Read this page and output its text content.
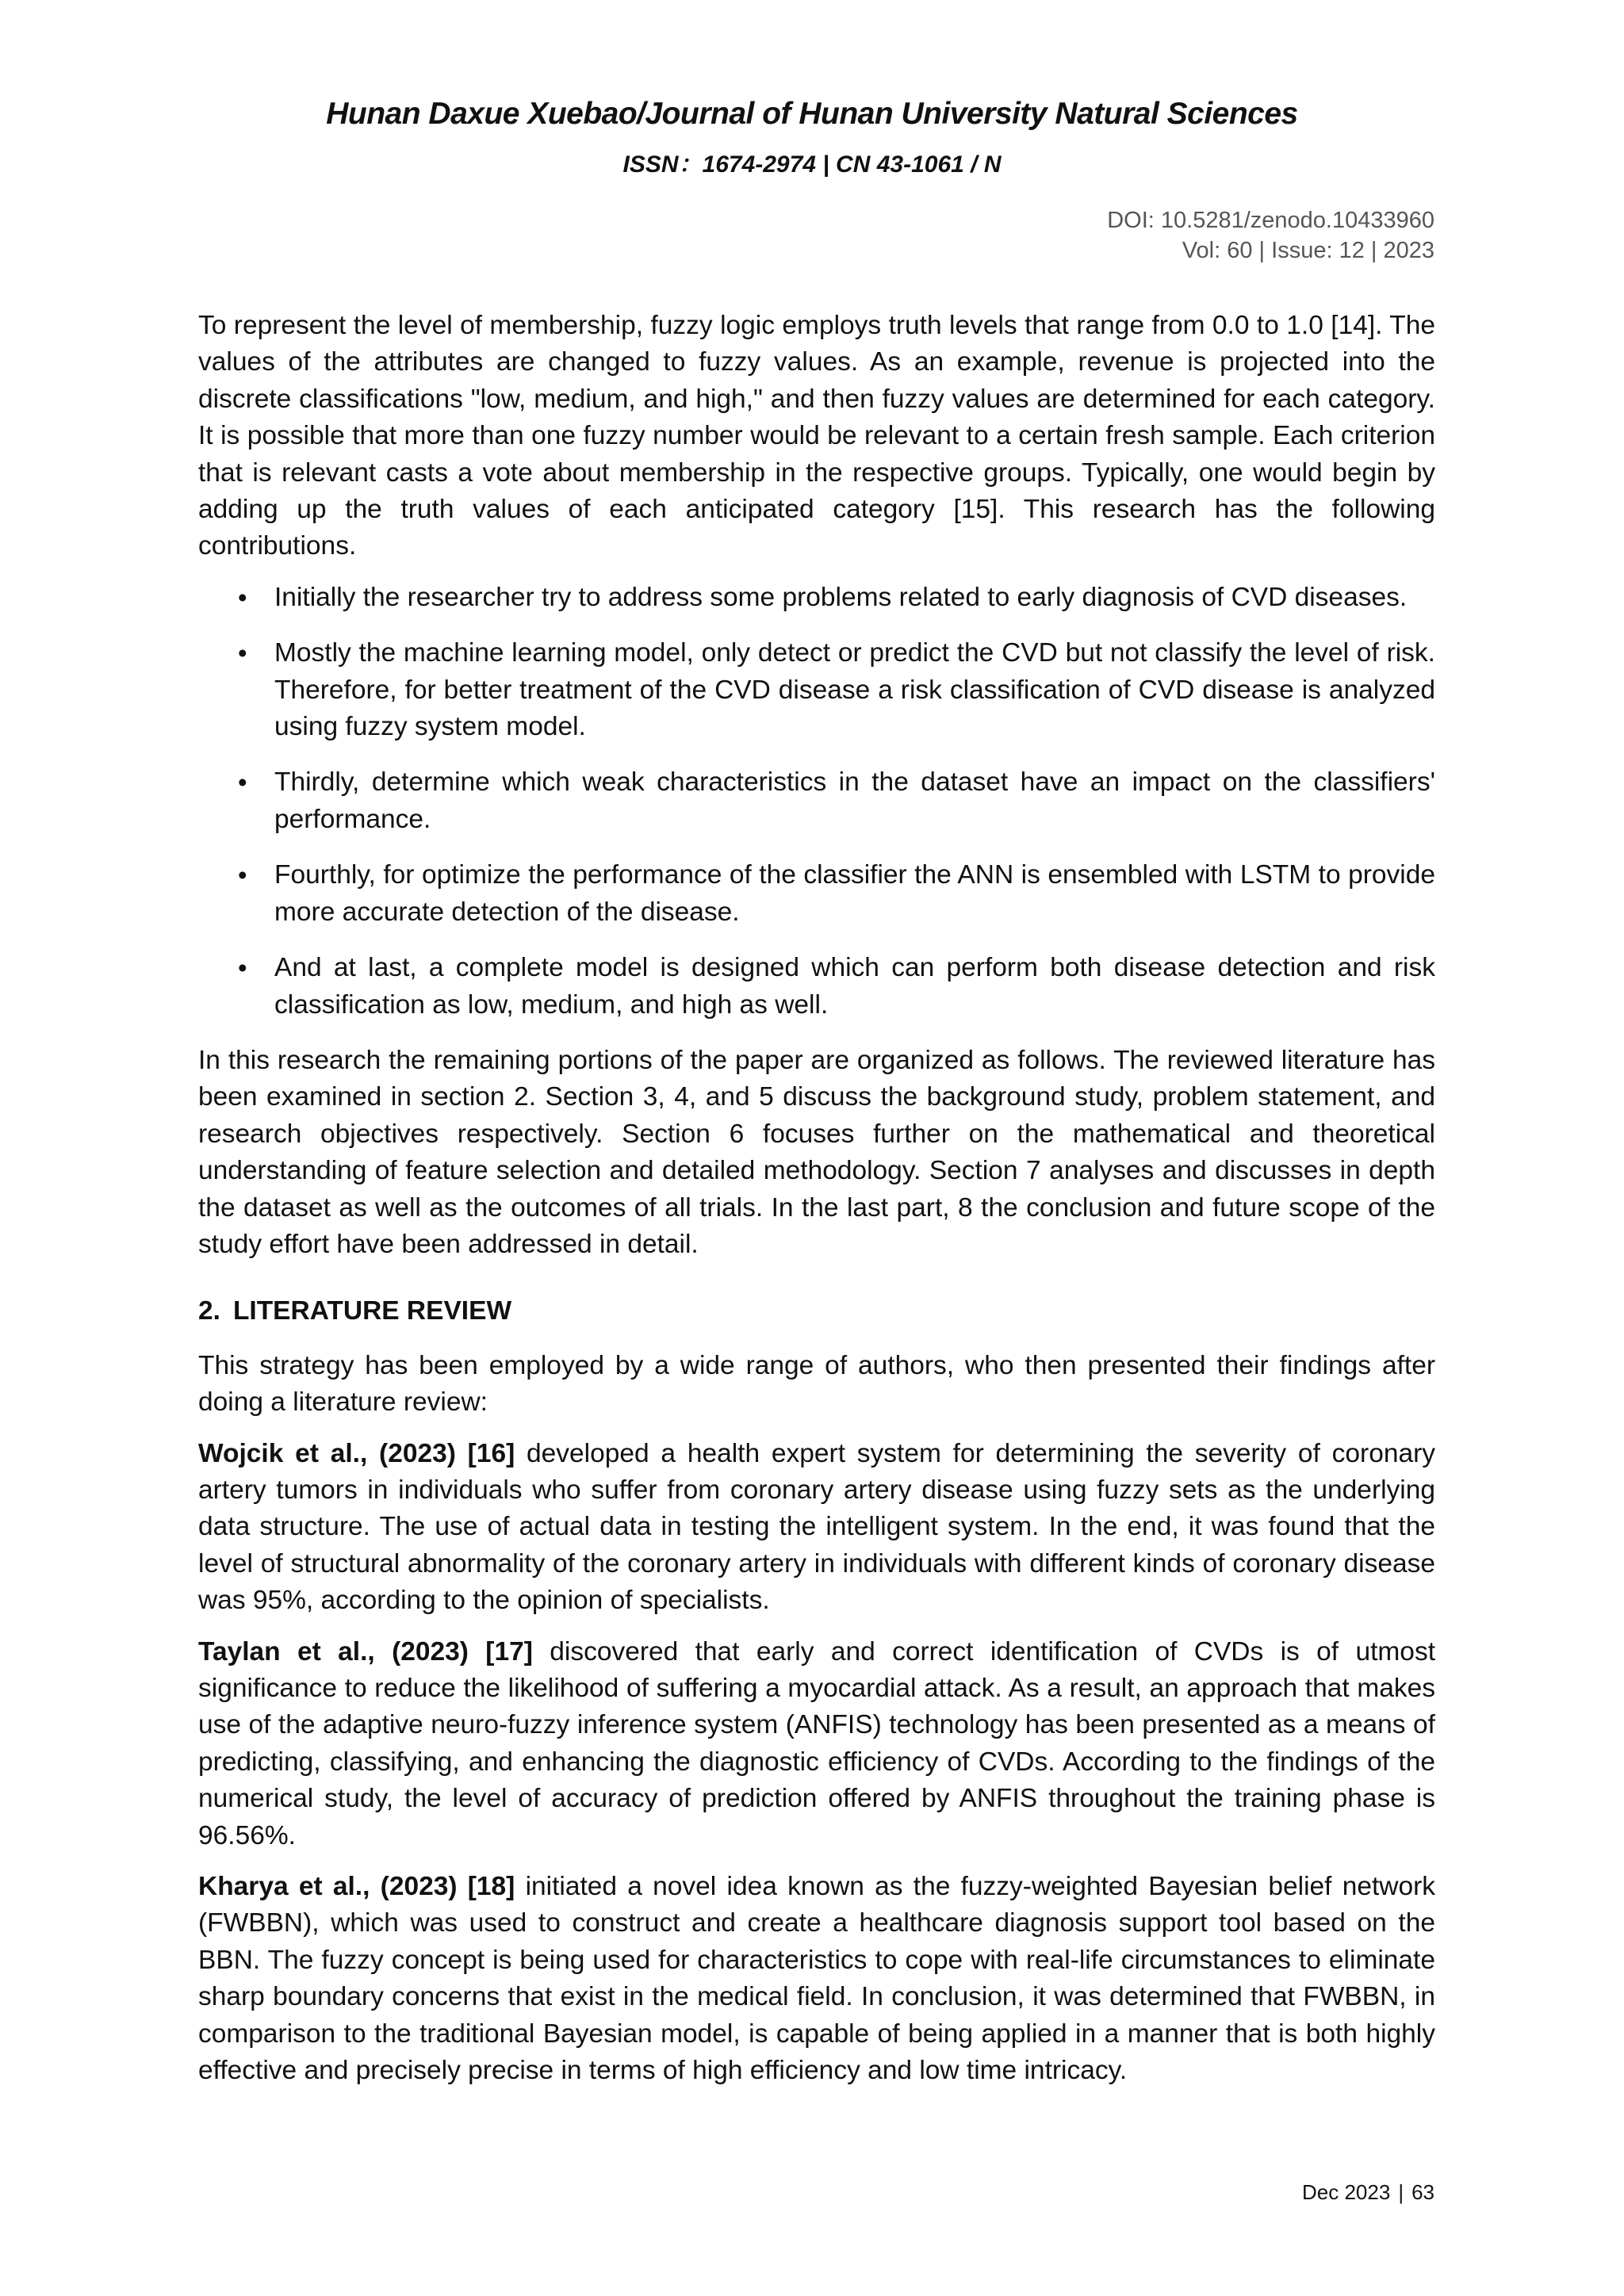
Hunan Daxue Xuebao/Journal of Hunan University Natural Sciences
ISSN：1674-2974 | CN 43-1061 / N
DOI: 10.5281/zenodo.10433960
Vol: 60 | Issue: 12 | 2023

To represent the level of membership, fuzzy logic employs truth levels that range from 0.0 to 1.0 [14]. The values of the attributes are changed to fuzzy values. As an example, revenue is projected into the discrete classifications "low, medium, and high," and then fuzzy values are determined for each category. It is possible that more than one fuzzy number would be relevant to a certain fresh sample. Each criterion that is relevant casts a vote about membership in the respective groups. Typically, one would begin by adding up the truth values of each anticipated category [15]. This research has the following contributions.

• Initially the researcher try to address some problems related to early diagnosis of CVD diseases.
• Mostly the machine learning model, only detect or predict the CVD but not classify the level of risk. Therefore, for better treatment of the CVD disease a risk classification of CVD disease is analyzed using fuzzy system model.
• Thirdly, determine which weak characteristics in the dataset have an impact on the classifiers' performance.
• Fourthly, for optimize the performance of the classifier the ANN is ensembled with LSTM to provide more accurate detection of the disease.
• And at last, a complete model is designed which can perform both disease detection and risk classification as low, medium, and high as well.

In this research the remaining portions of the paper are organized as follows. The reviewed literature has been examined in section 2. Section 3, 4, and 5 discuss the background study, problem statement, and research objectives respectively. Section 6 focuses further on the mathematical and theoretical understanding of feature selection and detailed methodology. Section 7 analyses and discusses in depth the dataset as well as the outcomes of all trials. In the last part, 8 the conclusion and future scope of the study effort have been addressed in detail.

2. LITERATURE REVIEW

This strategy has been employed by a wide range of authors, who then presented their findings after doing a literature review:

Wojcik et al., (2023) [16] developed a health expert system for determining the severity of coronary artery tumors in individuals who suffer from coronary artery disease using fuzzy sets as the underlying data structure. The use of actual data in testing the intelligent system. In the end, it was found that the level of structural abnormality of the coronary artery in individuals with different kinds of coronary disease was 95%, according to the opinion of specialists.

Taylan et al., (2023) [17] discovered that early and correct identification of CVDs is of utmost significance to reduce the likelihood of suffering a myocardial attack. As a result, an approach that makes use of the adaptive neuro-fuzzy inference system (ANFIS) technology has been presented as a means of predicting, classifying, and enhancing the diagnostic efficiency of CVDs. According to the findings of the numerical study, the level of accuracy of prediction offered by ANFIS throughout the training phase is 96.56%.

Kharya et al., (2023) [18] initiated a novel idea known as the fuzzy-weighted Bayesian belief network (FWBBN), which was used to construct and create a healthcare diagnosis support tool based on the BBN. The fuzzy concept is being used for characteristics to cope with real-life circumstances to eliminate sharp boundary concerns that exist in the medical field. In conclusion, it was determined that FWBBN, in comparison to the traditional Bayesian model, is capable of being applied in a manner that is both highly effective and precisely precise in terms of high efficiency and low time intricacy.

Dec 2023 | 63
